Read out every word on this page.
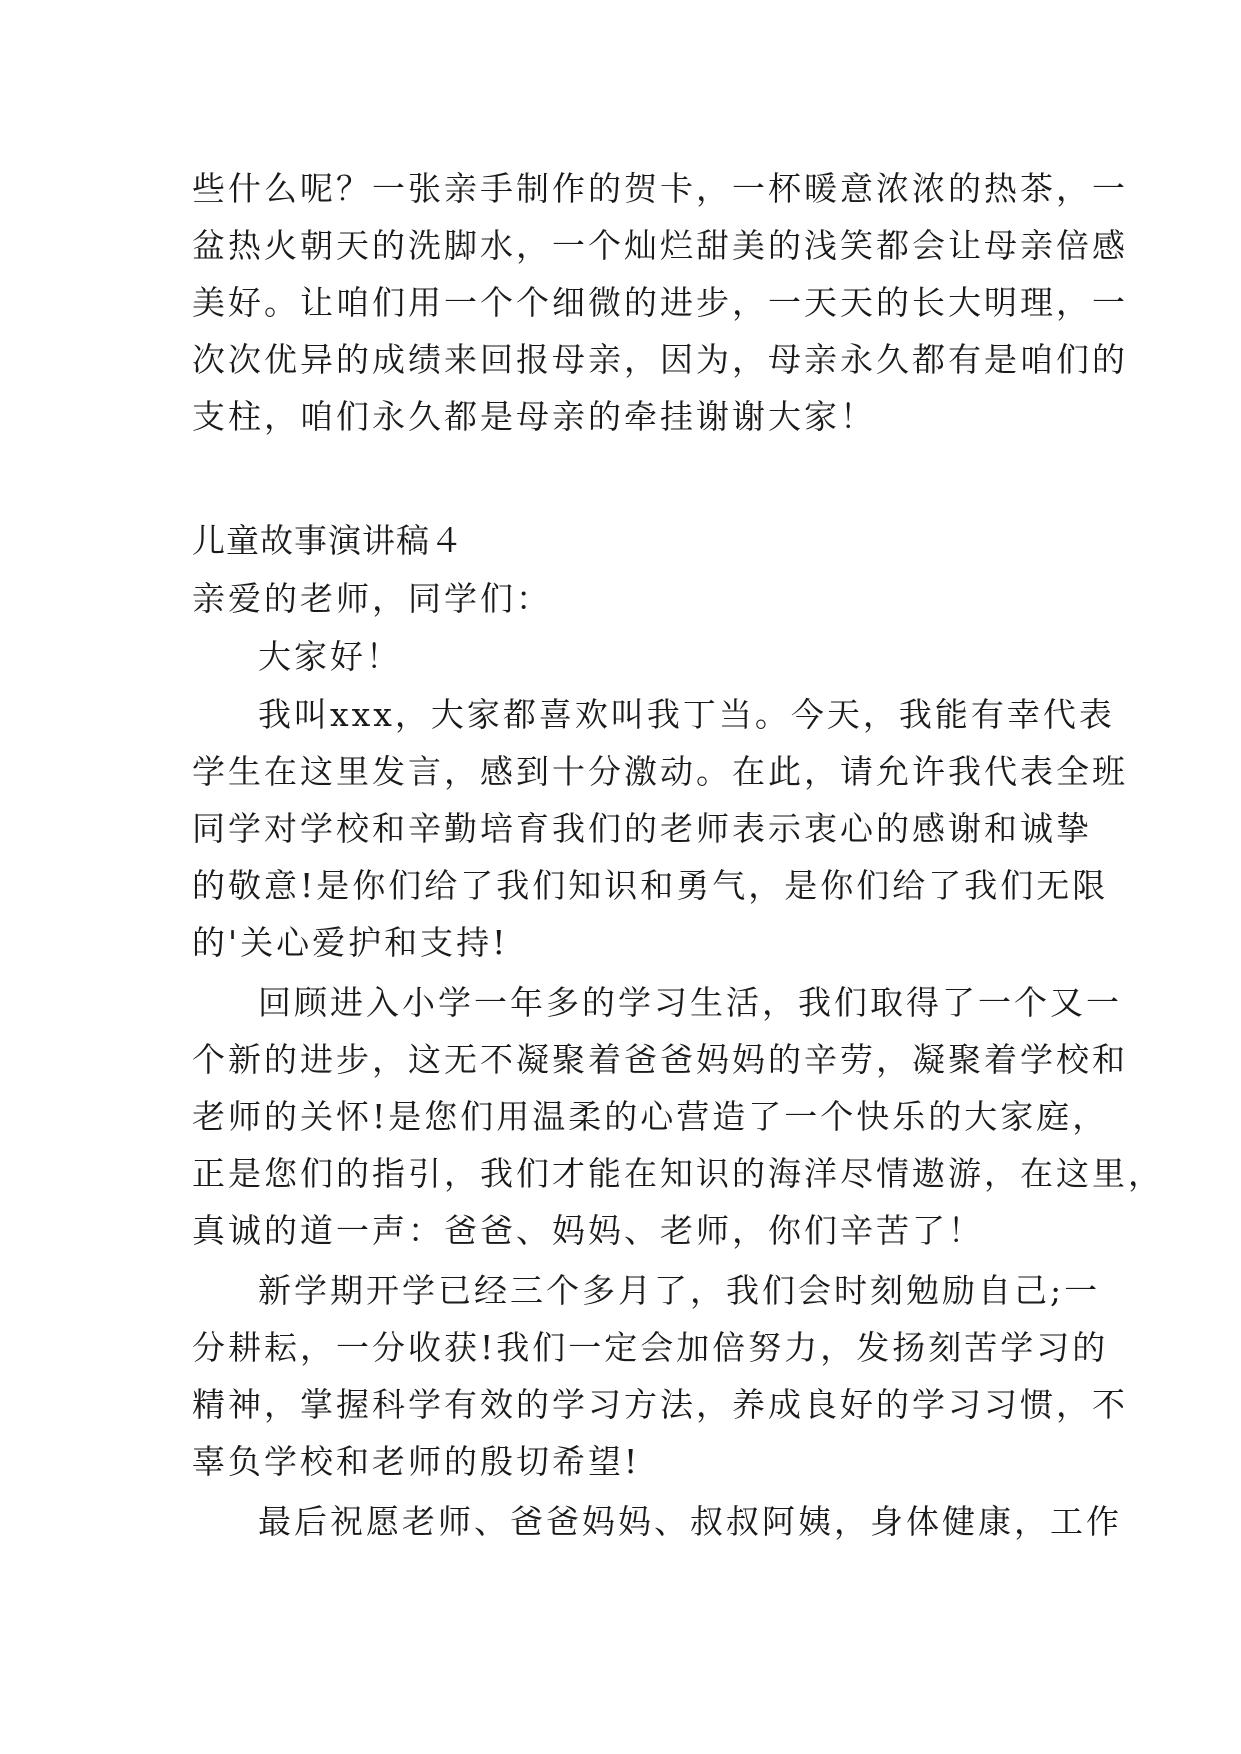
些什么呢？一张亲手制作的贺卡，一杯暖意浓浓的热茶，一
盆热火朝天的洗脚水，一个灿烂甜美的浅笑都会让母亲倍感
美好。让咱们用一个个细微的进步，一天天的长大明理，一
次次优异的成绩来回报母亲，因为，母亲永久都有是咱们的
支柱，咱们永久都是母亲的牵挂谢谢大家！
儿童故事演讲稿４
亲爱的老师，同学们：
大家好！
我叫xxx，大家都喜欢叫我丁当。今天，我能有幸代表
学生在这里发言，感到十分激动。在此，请允许我代表全班
同学对学校和辛勤培育我们的老师表示衷心的感谢和诚挚
的敬意!是你们给了我们知识和勇气，是你们给了我们无限
的'关心爱护和支持!
回顾进入小学一年多的学习生活，我们取得了一个又一
个新的进步，这无不凝聚着爸爸妈妈的辛劳，凝聚着学校和
老师的关怀!是您们用温柔的心营造了一个快乐的大家庭，
正是您们的指引，我们才能在知识的海洋尽情遨游，在这里，
真诚的道一声：爸爸、妈妈、老师，你们辛苦了！
新学期开学已经三个多月了，我们会时刻勉励自己;一
分耕耘，一分收获!我们一定会加倍努力，发扬刻苦学习的
精神，掌握科学有效的学习方法，养成良好的学习习惯，不
辜负学校和老师的殷切希望!
最后祝愿老师、爸爸妈妈、叔叔阿姨，身体健康，工作
